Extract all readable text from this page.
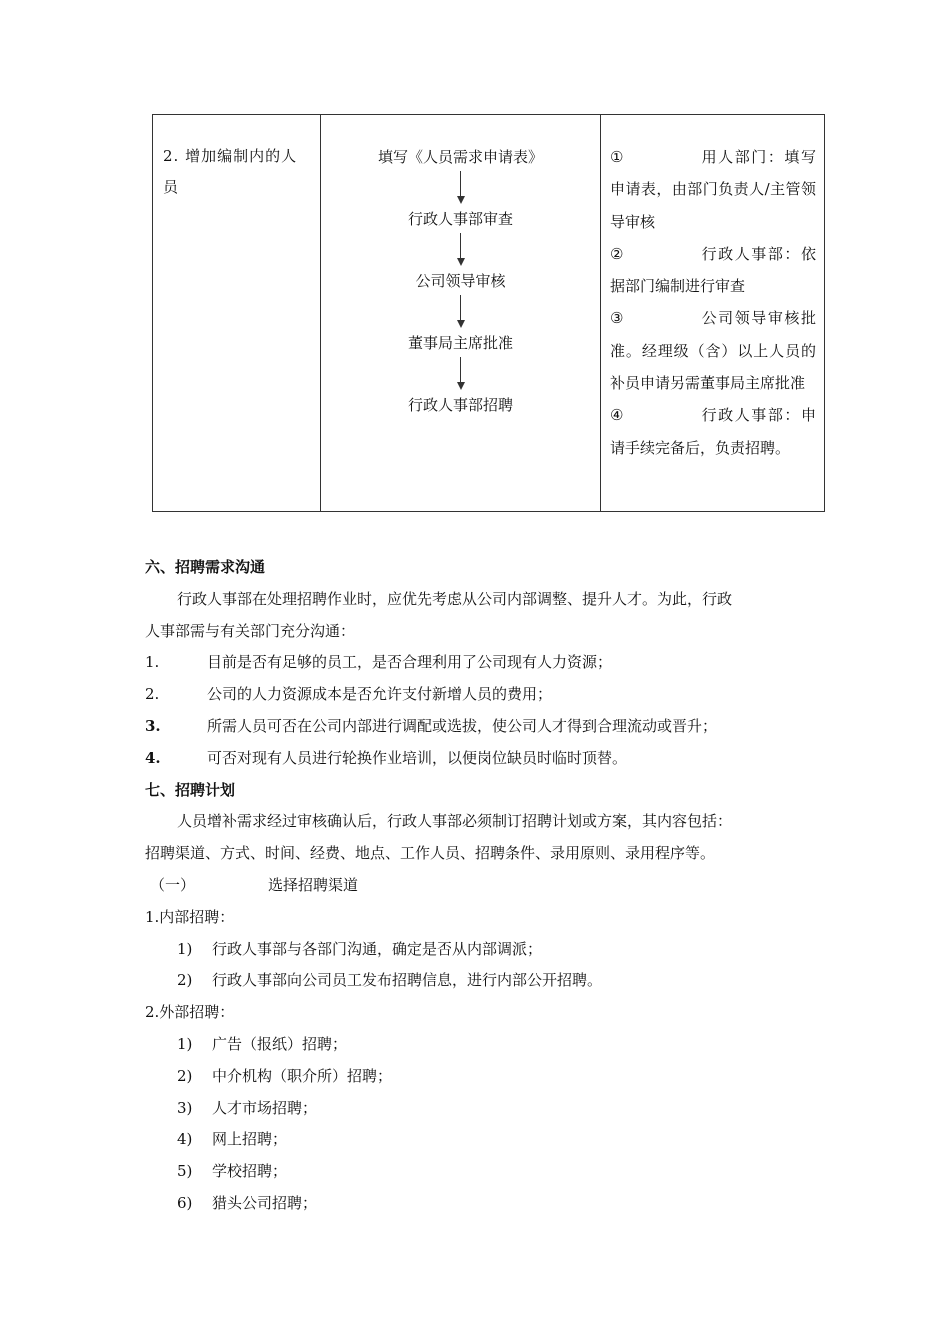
2. 增加编制内的人员

填写《人员需求申请表》
行政人事部审查
公司领导审核
董事局主席批准
行政人事部招聘

①	用人部门：填写申请表，由部门负责人/主管领导审核
②	行政人事部：依据部门编制进行审查
③	公司领导审核批准。经理级（含）以上人员的补员申请另需董事局主席批准
④	行政人事部：申请手续完备后，负责招聘。
六、招聘需求沟通
行政人事部在处理招聘作业时，应优先考虑从公司内部调整、提升人才。为此，行政
人事部需与有关部门充分沟通：
1.	目前是否有足够的员工，是否合理利用了公司现有人力资源；
2.	公司的人力资源成本是否允许支付新增人员的费用；
3.	所需人员可否在公司内部进行调配或选拔，使公司人才得到合理流动或晋升；
4.	可否对现有人员进行轮换作业培训，以便岗位缺员时临时顶替。
七、招聘计划
人员增补需求经过审核确认后，行政人事部必须制订招聘计划或方案，其内容包括：
招聘渠道、方式、时间、经费、地点、工作人员、招聘条件、录用原则、录用程序等。
（一）	选择招聘渠道
1.内部招聘：
1) 行政人事部与各部门沟通，确定是否从内部调派；
2) 行政人事部向公司员工发布招聘信息，进行内部公开招聘。
2.外部招聘：
1) 广告（报纸）招聘；
2) 中介机构（职介所）招聘；
3) 人才市场招聘；
4) 网上招聘；
5) 学校招聘；
6) 猎头公司招聘；
